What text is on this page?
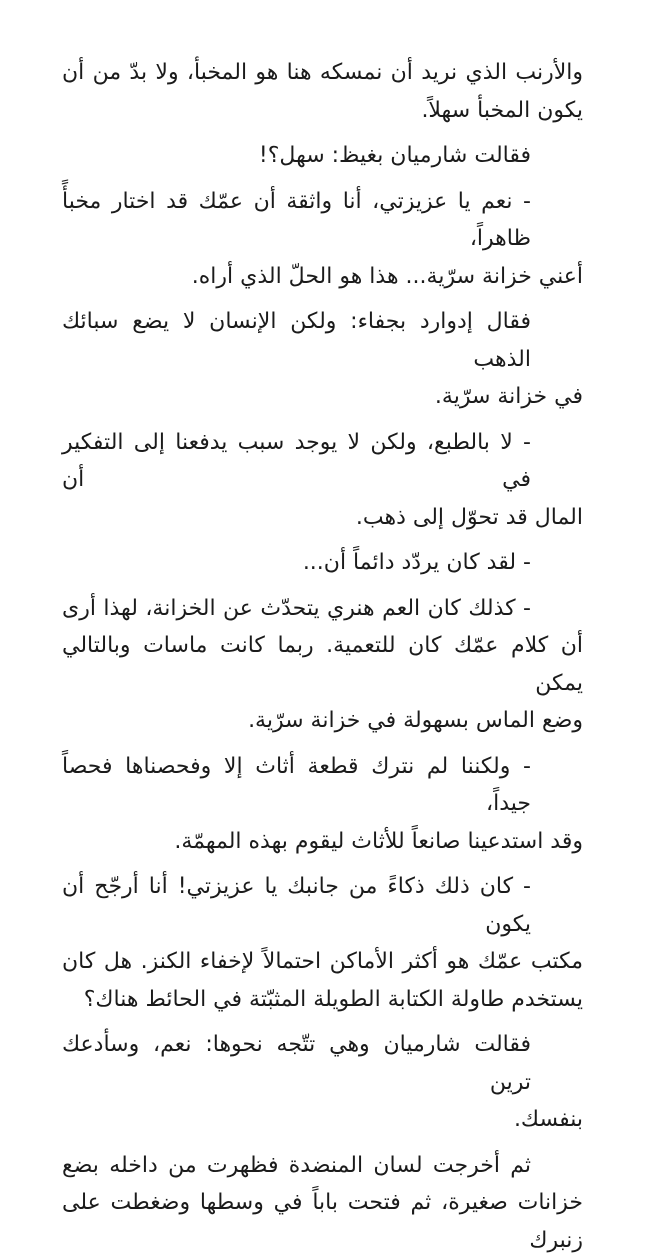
والأرنب الذي نريد أن نمسكه هنا هو المخبأ، ولا بدّ من أن
يكون المخبأ سهلاً.
فقالت شارميان بغيظ: سهل؟!
- نعم يا عزيزتي، أنا واثقة أن عمّك قد اختار مخبأً ظاهراً،
أعني خزانة سرّية... هذا هو الحلّ الذي أراه.
فقال إدوارد بجفاء: ولكن الإنسان لا يضع سبائك الذهب
في خزانة سرّية.
- لا بالطبع، ولكن لا يوجد سبب يدفعنا إلى التفكير في أن
المال قد تحوّل إلى ذهب.
- لقد كان يردّد دائماً أن...
- كذلك كان العم هنري يتحدّث عن الخزانة، لهذا أرى
أن كلام عمّك كان للتعمية. ربما كانت ماسات وبالتالي يمكن
وضع الماس بسهولة في خزانة سرّية.
- ولكننا لم نترك قطعة أثاث إلا وفحصناها فحصاً جيداً،
وقد استدعينا صانعاً للأثاث ليقوم بهذه المهمّة.
- كان ذلك ذكاءً من جانبك يا عزيزتي! أنا أرجّح أن يكون
مكتب عمّك هو أكثر الأماكن احتمالاً لإخفاء الكنز. هل كان
يستخدم طاولة الكتابة الطويلة المثبّتة في الحائط هناك؟
فقالت شارميان وهي تتّجه نحوها: نعم، وسأدعك ترين
بنفسك.
ثم أخرجت لسان المنضدة فظهرت من داخله بضع
خزانات صغيرة، ثم فتحت باباً في وسطها وضغطت على زنبرك
